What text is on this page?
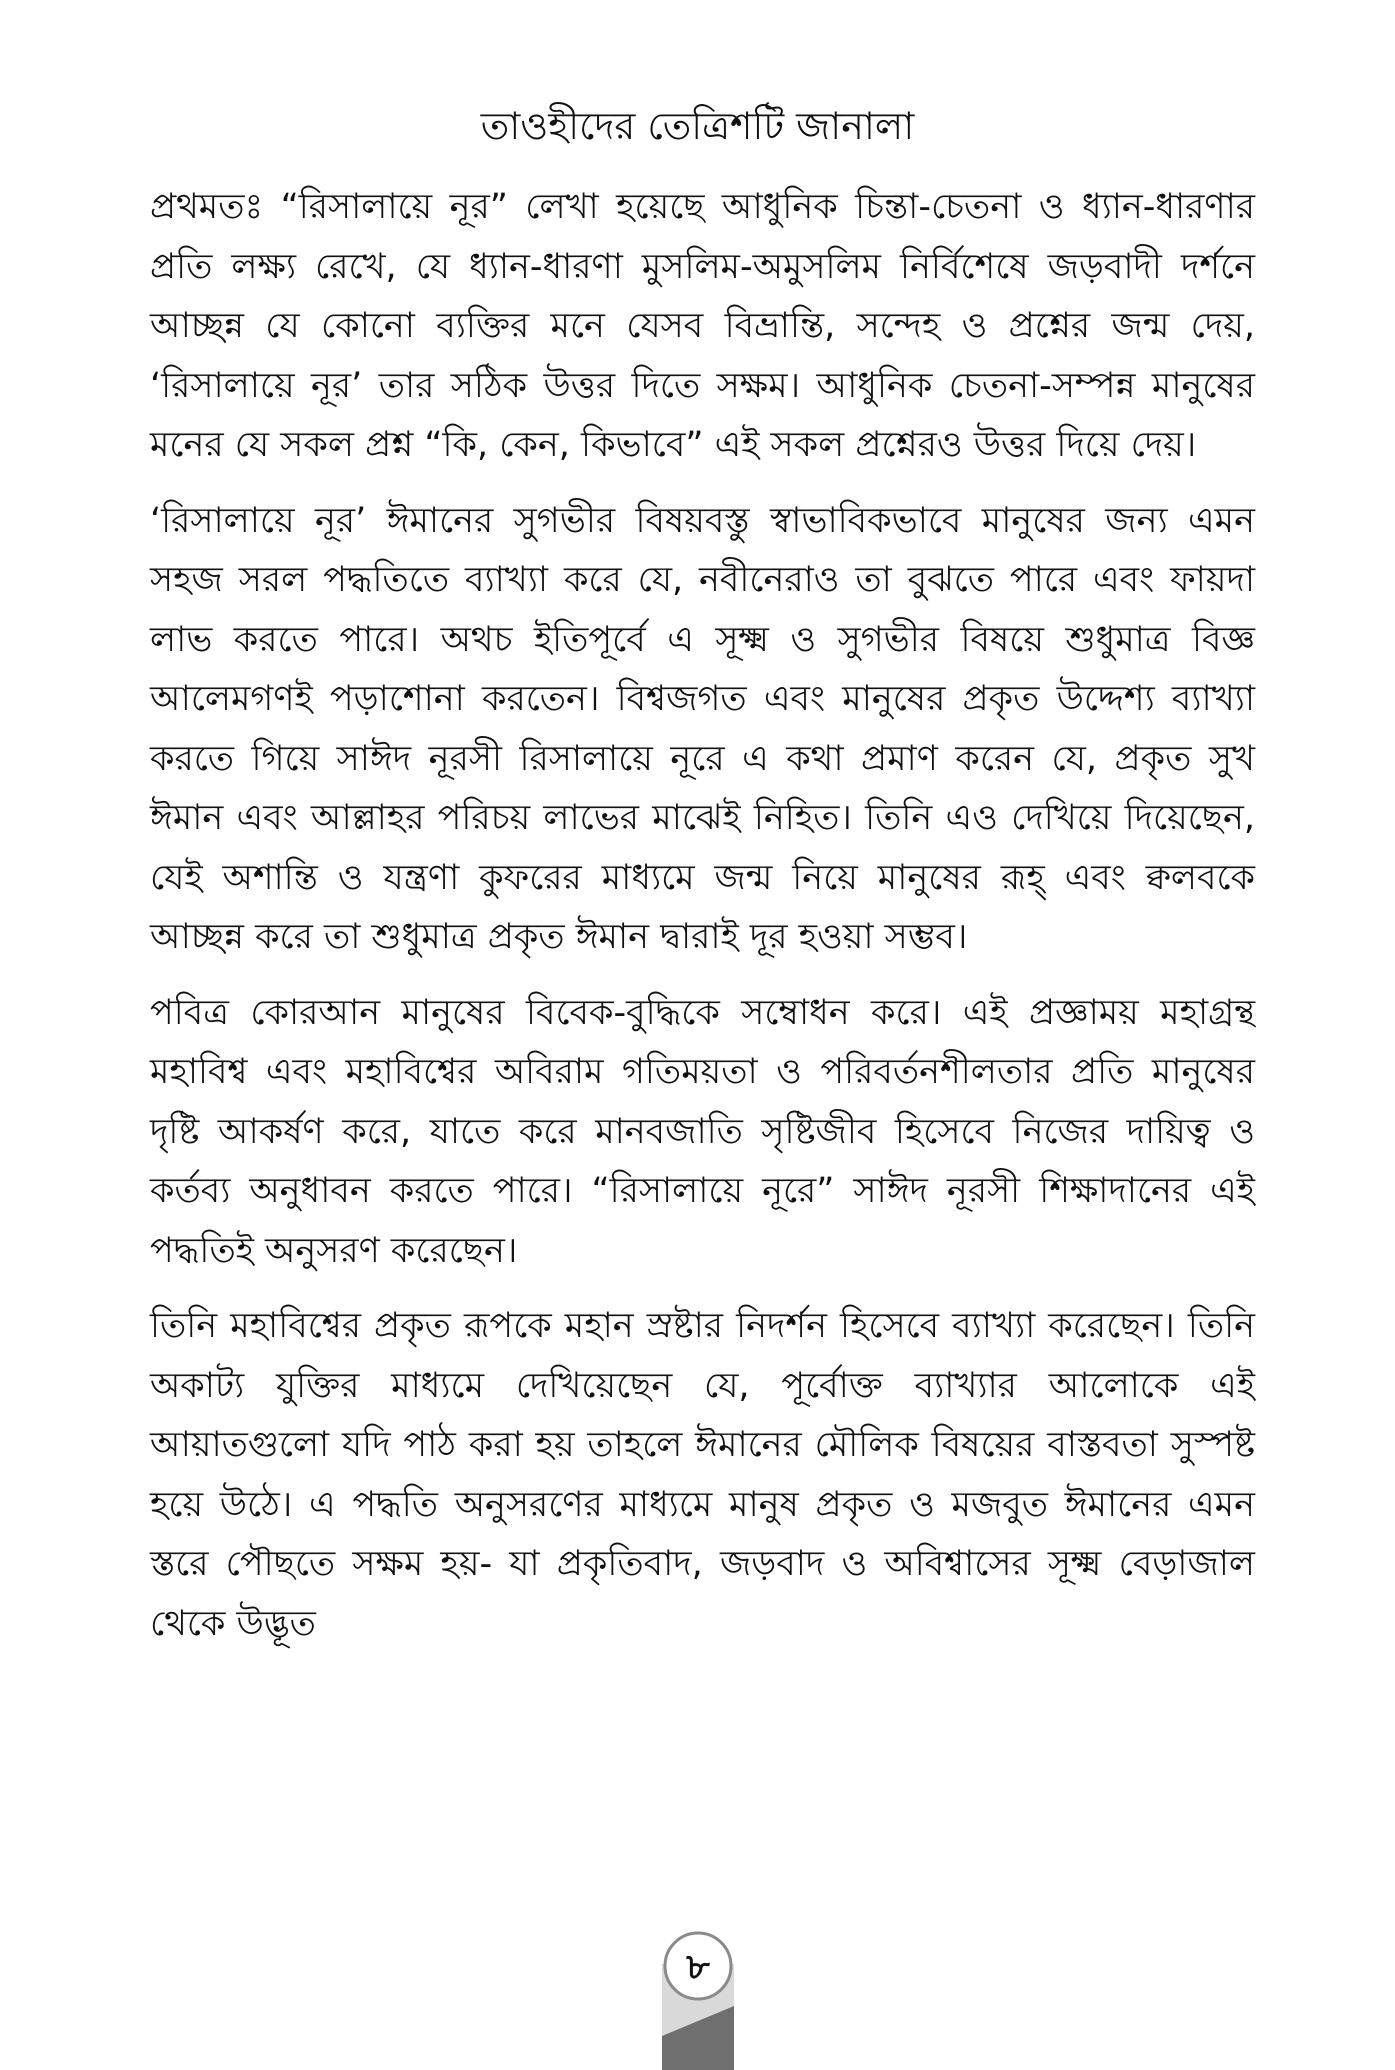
তাওহীদের তেত্রিশটি জানালা

প্রথমতঃ “রিসালায়ে নূর” লেখা হয়েছে আধুনিক চিন্তা-চেতনা ও ধ্যান-ধারণার প্রতি লক্ষ্য রেখে, যে ধ্যান-ধারণা মুসলিম-অমুসলিম নির্বিশেষে জড়বাদী দর্শনে আচ্ছন্ন যে কোনো ব্যক্তির মনে যেসব বিভ্রান্তি, সন্দেহ ও প্রশ্নের জন্ম দেয়, ‘রিসালায়ে নূর’ তার সঠিক উত্তর দিতে সক্ষম। আধুনিক চেতনা-সম্পন্ন মানুষের মনের যে সকল প্রশ্ন “কি, কেন, কিভাবে” এই সকল প্রশ্নেরও উত্তর দিয়ে দেয়।

‘রিসালায়ে নূর’ ঈমানের সুগভীর বিষয়বস্তু স্বাভাবিকভাবে মানুষের জন্য এমন সহজ সরল পদ্ধতিতে ব্যাখ্যা করে যে, নবীনেরাও তা বুঝতে পারে এবং ফায়দা লাভ করতে পারে। অথচ ইতিপূর্বে এ সূক্ষ্ম ও সুগভীর বিষয়ে শুধুমাত্র বিজ্ঞ আলেমগণই পড়াশোনা করতেন। বিশ্বজগত এবং মানুষের প্রকৃত উদ্দেশ্য ব্যাখ্যা করতে গিয়ে সাঈদ নূরসী রিসালায়ে নূরে এ কথা প্রমাণ করেন যে, প্রকৃত সুখ ঈমান এবং আল্লাহর পরিচয় লাভের মাঝেই নিহিত। তিনি এও দেখিয়ে দিয়েছেন, যেই অশান্তি ও যন্ত্রণা কুফরের মাধ্যমে জন্ম নিয়ে মানুষের রূহ্ এবং ক্বলবকে আচ্ছন্ন করে তা শুধুমাত্র প্রকৃত ঈমান দ্বারাই দূর হওয়া সম্ভব।

পবিত্র কোরআন মানুষের বিবেক-বুদ্ধিকে সম্বোধন করে। এই প্রজ্ঞাময় মহাগ্রন্থ মহাবিশ্ব এবং মহাবিশ্বের অবিরাম গতিময়তা ও পরিবর্তনশীলতার প্রতি মানুষের দৃষ্টি আকর্ষণ করে, যাতে করে মানবজাতি সৃষ্টিজীব হিসেবে নিজের দায়িত্ব ও কর্তব্য অনুধাবন করতে পারে। “রিসালায়ে নূরে” সাঈদ নূরসী শিক্ষাদানের এই পদ্ধতিই অনুসরণ করেছেন।

তিনি মহাবিশ্বের প্রকৃত রূপকে মহান স্রষ্টার নিদর্শন হিসেবে ব্যাখ্যা করেছেন। তিনি অকাট্য যুক্তির মাধ্যমে দেখিয়েছেন যে, পূর্বোক্ত ব্যাখ্যার আলোকে এই আয়াতগুলো যদি পাঠ করা হয় তাহলে ঈমানের মৌলিক বিষয়ের বাস্তবতা সুস্পষ্ট হয়ে উঠে। এ পদ্ধতি অনুসরণের মাধ্যমে মানুষ প্রকৃত ও মজবুত ঈমানের এমন স্তরে পৌছতে সক্ষম হয়- যা প্রকৃতিবাদ, জড়বাদ ও অবিশ্বাসের সূক্ষ্ম বেড়াজাল থেকে উদ্ভূত

৮
